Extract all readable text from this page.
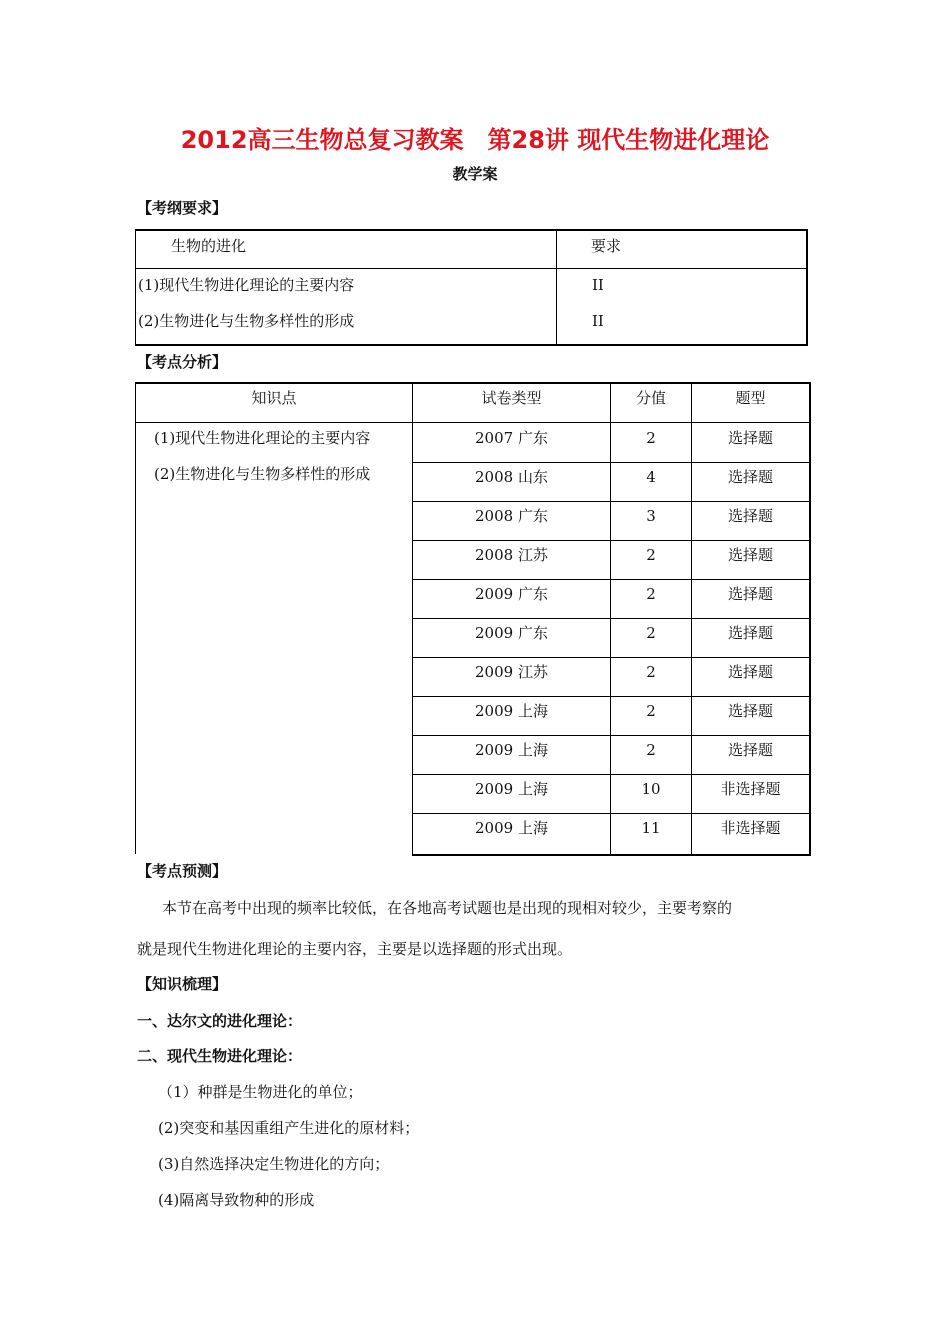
2012高三生物总复习教案　第28讲 现代生物进化理论
教学案
【考纲要求】
生物的进化	要求
(1)现代生物进化理论的主要内容	II
(2)生物进化与生物多样性的形成	II
【考点分析】
知识点	试卷类型	分值	题型
(1)现代生物进化理论的主要内容
(2)生物进化与生物多样性的形成
2007 广东	2	选择题
2008 山东	4	选择题
2008 广东	3	选择题
2008 江苏	2	选择题
2009 广东	2	选择题
2009 广东	2	选择题
2009 江苏	2	选择题
2009 上海	2	选择题
2009 上海	2	选择题
2009 上海	10	非选择题
2009 上海	11	非选择题
【考点预测】
本节在高考中出现的频率比较低，在各地高考试题也是出现的现相对较少，主要考察的
就是现代生物进化理论的主要内容，主要是以选择题的形式出现。
【知识梳理】
一、达尔文的进化理论：
二、现代生物进化理论：
（1）种群是生物进化的单位；
(2)突变和基因重组产生进化的原材料；
(3)自然选择决定生物进化的方向；
(4)隔离导致物种的形成
